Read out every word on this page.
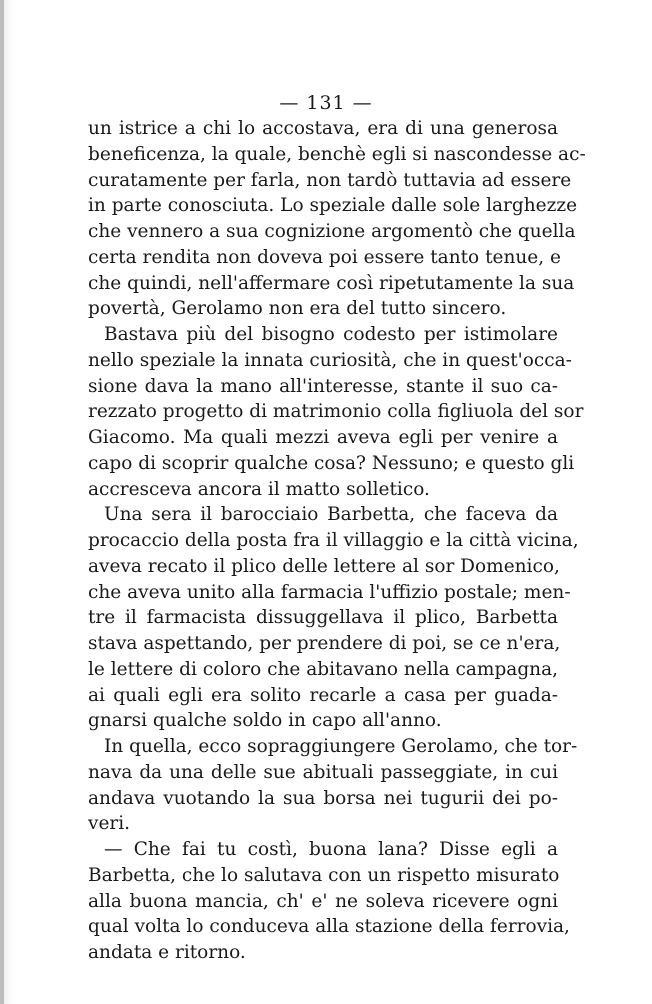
— 131 —
un istrice a chi lo accostava, era di una generosa
beneficenza, la quale, benchè egli si nascondesse ac-
curatamente per farla, non tardò tuttavia ad essere
in parte conosciuta. Lo speziale dalle sole larghezze
che vennero a sua cognizione argomentò che quella
certa rendita non doveva poi essere tanto tenue, e
che quindi, nell'affermare così ripetutamente la sua
povertà, Gerolamo non era del tutto sincero.
Bastava più del bisogno codesto per istimolare
nello speziale la innata curiosità, che in quest'occa-
sione dava la mano all'interesse, stante il suo ca-
rezzato progetto di matrimonio colla figliuola del sor
Giacomo. Ma quali mezzi aveva egli per venire a
capo di scoprir qualche cosa? Nessuno; e questo gli
accresceva ancora il matto solletico.
Una sera il barocciaio Barbetta, che faceva da
procaccio della posta fra il villaggio e la città vicina,
aveva recato il plico delle lettere al sor Domenico,
che aveva unito alla farmacia l'uffizio postale; men-
tre il farmacista dissuggellava il plico, Barbetta
stava aspettando, per prendere di poi, se ce n'era,
le lettere di coloro che abitavano nella campagna,
ai quali egli era solito recarle a casa per guada-
gnarsi qualche soldo in capo all'anno.
In quella, ecco sopraggiungere Gerolamo, che tor-
nava da una delle sue abituali passeggiate, in cui
andava vuotando la sua borsa nei tugurii dei po-
veri.
— Che fai tu costì, buona lana? Disse egli a
Barbetta, che lo salutava con un rispetto misurato
alla buona mancia, ch' e' ne soleva ricevere ogni
qual volta lo conduceva alla stazione della ferrovia,
andata e ritorno.
